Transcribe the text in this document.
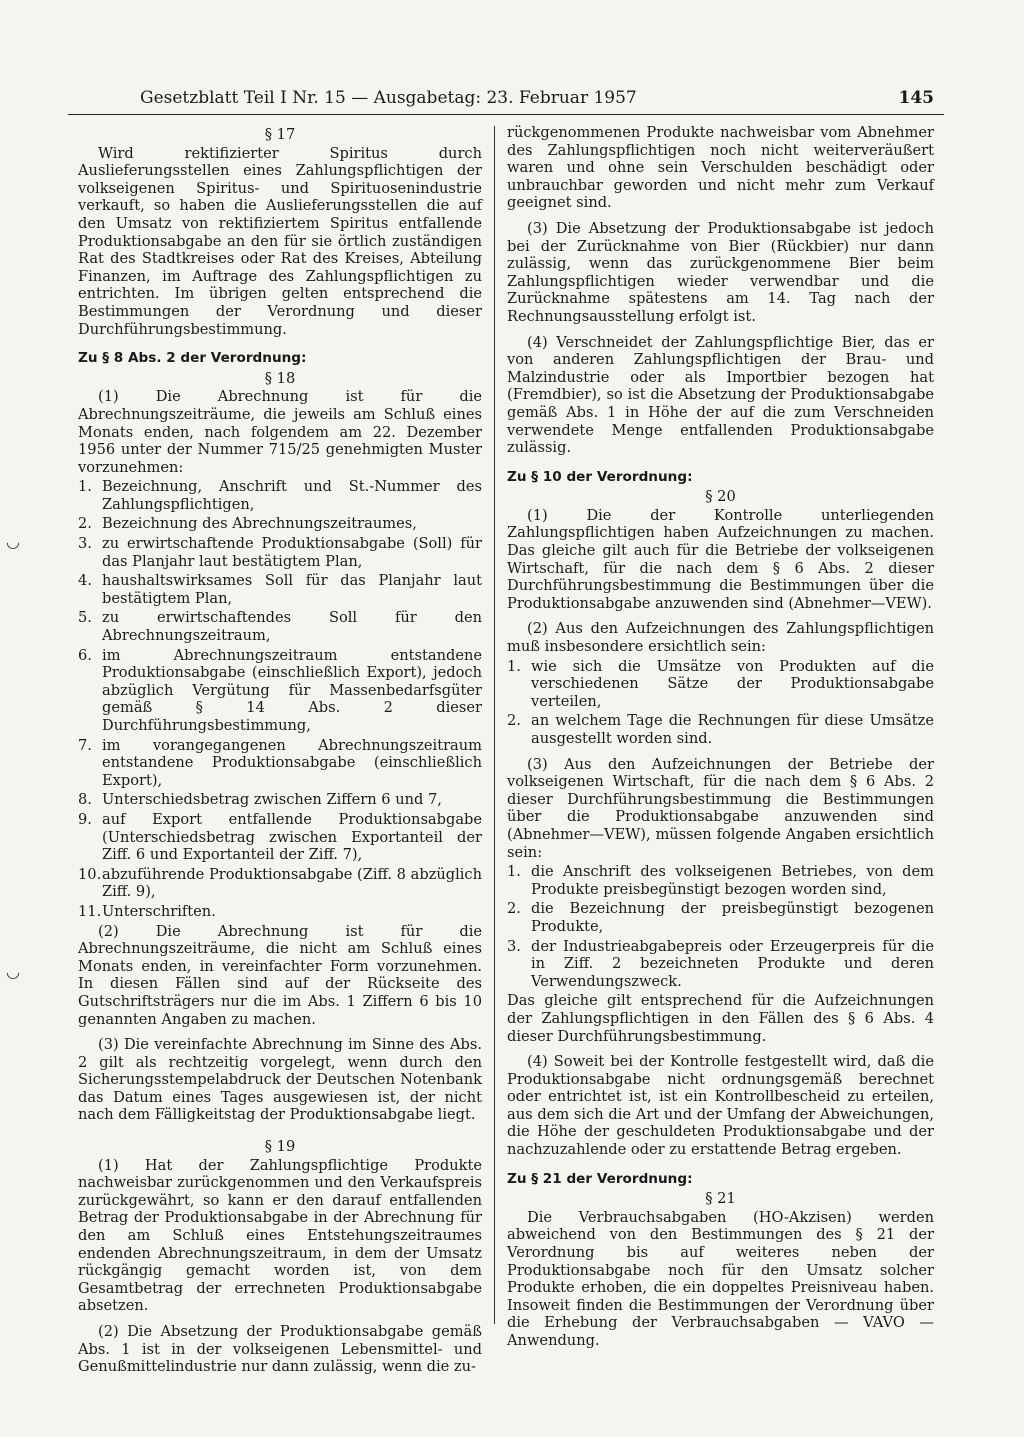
Gesetzblatt Teil I Nr. 15 — Ausgabetag: 23. Februar 1957	145

§ 17

Wird rektifizierter Spiritus durch Auslieferungsstellen eines Zahlungspflichtigen der volkseigenen Spiritus- und Spirituosenindustrie verkauft, so haben die Auslieferungsstellen die auf den Umsatz von rektifiziertem Spiritus entfallende Produktionsabgabe an den für sie örtlich zuständigen Rat des Stadtkreises oder Rat des Kreises, Abteilung Finanzen, im Auftrage des Zahlungspflichtigen zu entrichten. Im übrigen gelten entsprechend die Bestimmungen der Verordnung und dieser Durchführungsbestimmung.

Zu § 8 Abs. 2 der Verordnung:

§ 18

(1) Die Abrechnung ist für die Abrechnungszeiträume, die jeweils am Schluß eines Monats enden, nach folgendem am 22. Dezember 1956 unter der Nummer 715/25 genehmigten Muster vorzunehmen:

1. Bezeichnung, Anschrift und St.-Nummer des Zahlungspflichtigen,
2. Bezeichnung des Abrechnungszeitraumes,
3. zu erwirtschaftende Produktionsabgabe (Soll) für das Planjahr laut bestätigtem Plan,
4. haushaltswirksames Soll für das Planjahr laut bestätigtem Plan,
5. zu erwirtschaftendes Soll für den Abrechnungszeitraum,
6. im Abrechnungszeitraum entstandene Produktionsabgabe (einschließlich Export), jedoch abzüglich Vergütung für Massenbedarfsgüter gemäß § 14 Abs. 2 dieser Durchführungsbestimmung,
7. im vorangegangenen Abrechnungszeitraum entstandene Produktionsabgabe (einschließlich Export),
8. Unterschiedsbetrag zwischen Ziffern 6 und 7,
9. auf Export entfallende Produktionsabgabe (Unterschiedsbetrag zwischen Exportanteil der Ziff. 6 und Exportanteil der Ziff. 7),
10. abzuführende Produktionsabgabe (Ziff. 8 abzüglich Ziff. 9),
11. Unterschriften.

(2) Die Abrechnung ist für die Abrechnungszeiträume, die nicht am Schluß eines Monats enden, in vereinfachter Form vorzunehmen. In diesen Fällen sind auf der Rückseite des Gutschriftsträgers nur die im Abs. 1 Ziffern 6 bis 10 genannten Angaben zu machen.

(3) Die vereinfachte Abrechnung im Sinne des Abs. 2 gilt als rechtzeitig vorgelegt, wenn durch den Sicherungsstempelabdruck der Deutschen Notenbank das Datum eines Tages ausgewiesen ist, der nicht nach dem Fälligkeitstag der Produktionsabgabe liegt.

§ 19

(1) Hat der Zahlungspflichtige Produkte nachweisbar zurückgenommen und den Verkaufspreis zurückgewährt, so kann er den darauf entfallenden Betrag der Produktionsabgabe in der Abrechnung für den am Schluß eines Entstehungszeitraumes endenden Abrechnungszeitraum, in dem der Umsatz rückgängig gemacht worden ist, von dem Gesamtbetrag der errechneten Produktionsabgabe absetzen.

(2) Die Absetzung der Produktionsabgabe gemäß Abs. 1 ist in der volkseigenen Lebensmittel- und Genußmittelindustrie nur dann zulässig, wenn die zu-

rückgenommenen Produkte nachweisbar vom Abnehmer des Zahlungspflichtigen noch nicht weiterveräußert waren und ohne sein Verschulden beschädigt oder unbrauchbar geworden und nicht mehr zum Verkauf geeignet sind.

(3) Die Absetzung der Produktionsabgabe ist jedoch bei der Zurücknahme von Bier (Rückbier) nur dann zulässig, wenn das zurückgenommene Bier beim Zahlungspflichtigen wieder verwendbar und die Zurücknahme spätestens am 14. Tag nach der Rechnungsausstellung erfolgt ist.

(4) Verschneidet der Zahlungspflichtige Bier, das er von anderen Zahlungspflichtigen der Brau- und Malzindustrie oder als Importbier bezogen hat (Fremdbier), so ist die Absetzung der Produktionsabgabe gemäß Abs. 1 in Höhe der auf die zum Verschneiden verwendete Menge entfallenden Produktionsabgabe zulässig.

Zu § 10 der Verordnung:

§ 20

(1) Die der Kontrolle unterliegenden Zahlungspflichtigen haben Aufzeichnungen zu machen. Das gleiche gilt auch für die Betriebe der volkseigenen Wirtschaft, für die nach dem § 6 Abs. 2 dieser Durchführungsbestimmung die Bestimmungen über die Produktionsabgabe anzuwenden sind (Abnehmer—VEW).

(2) Aus den Aufzeichnungen des Zahlungspflichtigen muß insbesondere ersichtlich sein:

1. wie sich die Umsätze von Produkten auf die verschiedenen Sätze der Produktionsabgabe verteilen,
2. an welchem Tage die Rechnungen für diese Umsätze ausgestellt worden sind.

(3) Aus den Aufzeichnungen der Betriebe der volkseigenen Wirtschaft, für die nach dem § 6 Abs. 2 dieser Durchführungsbestimmung die Bestimmungen über die Produktionsabgabe anzuwenden sind (Abnehmer—VEW), müssen folgende Angaben ersichtlich sein:

1. die Anschrift des volkseigenen Betriebes, von dem Produkte preisbegünstigt bezogen worden sind,
2. die Bezeichnung der preisbegünstigt bezogenen Produkte,
3. der Industrieabgabepreis oder Erzeugerpreis für die in Ziff. 2 bezeichneten Produkte und deren Verwendungszweck.

Das gleiche gilt entsprechend für die Aufzeichnungen der Zahlungspflichtigen in den Fällen des § 6 Abs. 4 dieser Durchführungsbestimmung.

(4) Soweit bei der Kontrolle festgestellt wird, daß die Produktionsabgabe nicht ordnungsgemäß berechnet oder entrichtet ist, ist ein Kontrollbescheid zu erteilen, aus dem sich die Art und der Umfang der Abweichungen, die Höhe der geschuldeten Produktionsabgabe und der nachzuzahlende oder zu erstattende Betrag ergeben.

Zu § 21 der Verordnung:

§ 21

Die Verbrauchsabgaben (HO-Akzisen) werden abweichend von den Bestimmungen des § 21 der Verordnung bis auf weiteres neben der Produktionsabgabe noch für den Umsatz solcher Produkte erhoben, die ein doppeltes Preisniveau haben. Insoweit finden die Bestimmungen der Verordnung über die Erhebung der Verbrauchsabgaben — VAVO — Anwendung.

◡
◡
